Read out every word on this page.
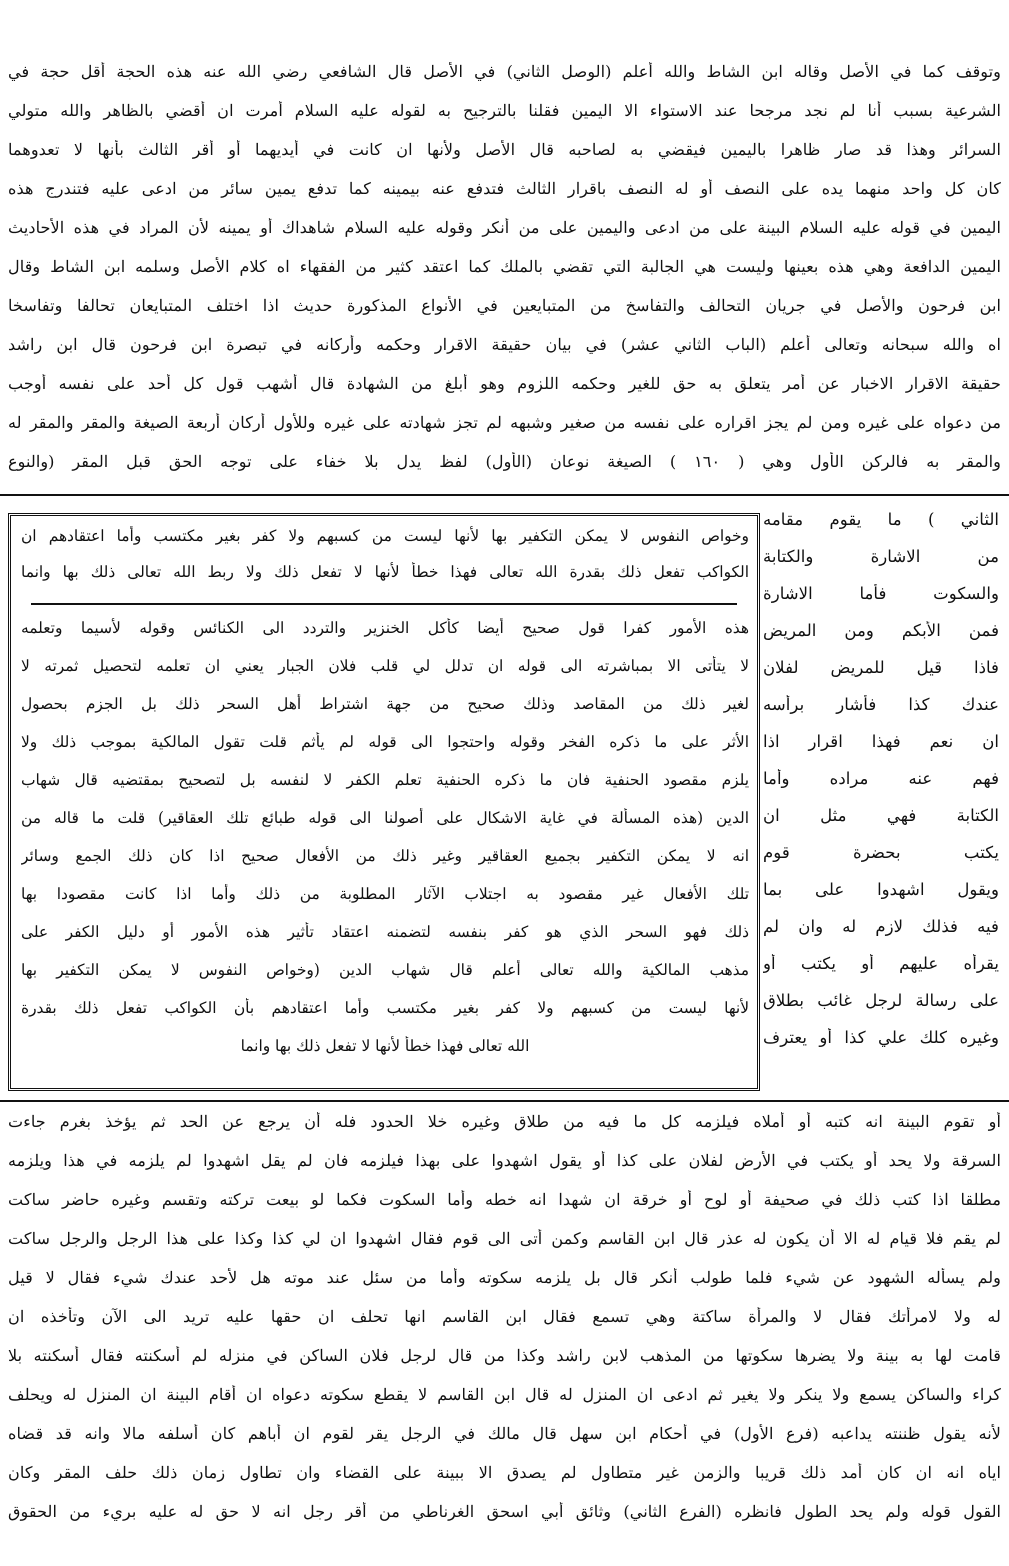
وتوقف كما في الأصل وقاله ابن الشاط والله أعلم (الوصل الثاني) في الأصل قال الشافعي رضي الله عنه هذه الحجة أقل حجة في
الشرعية بسبب أنا لم نجد مرجحا عند الاستواء الا اليمين فقلنا بالترجيح به لقوله عليه السلام أمرت ان أقضي بالظاهر والله متولي
السرائر وهذا قد صار ظاهرا باليمين فيقضي به لصاحبه قال الأصل ولأنها ان كانت في أيديهما أو أقر الثالث بأنها لا تعدوهما
كان كل واحد منهما يده على النصف أو له النصف باقرار الثالث فتدفع عنه بيمينه كما تدفع يمين سائر من ادعى عليه فتندرج هذه
اليمين في قوله عليه السلام البينة على من ادعى واليمين على من أنكر وقوله عليه السلام شاهداك أو يمينه لأن المراد في هذه الأحاديث
اليمين الدافعة وهي هذه بعينها وليست هي الجالبة التي تقضي بالملك كما اعتقد كثير من الفقهاء اه كلام الأصل وسلمه ابن الشاط وقال
ابن فرحون والأصل في جريان التحالف والتفاسخ من المتبايعين في الأنواع المذكورة حديث اذا اختلف المتبايعان تحالفا وتفاسخا
اه والله سبحانه وتعالى أعلم (الباب الثاني عشر) في بيان حقيقة الاقرار وحكمه وأركانه في تبصرة ابن فرحون قال ابن راشد
حقيقة الاقرار الاخبار عن أمر يتعلق به حق للغير وحكمه اللزوم وهو أبلغ من الشهادة قال أشهب قول كل أحد على نفسه أوجب
من دعواه على غيره ومن لم يجز اقراره على نفسه من صغير وشبهه لم تجز شهادته على غيره وللأول أركان أربعة الصيغة والمقر والمقر له
والمقر به فالركن الأول وهي ( ١٦٠ ) الصيغة نوعان (الأول) لفظ يدل بلا خفاء على توجه الحق قبل المقر (والنوع
الثاني ) ما يقوم مقامه
من الاشارة والكتابة
والسكوت فأما الاشارة
فمن الأبكم ومن المريض
فاذا قيل للمريض لفلان
عندك كذا فأشار برأسه
ان نعم فهذا اقرار اذا
فهم عنه مراده وأما
الكتابة فهي مثل ان
يكتب بحضرة قوم
ويقول اشهدوا على بما
فيه فذلك لازم له وان لم
يقرأه عليهم أو يكتب أو
على رسالة لرجل غائب بطلاق
وغيره كلك علي كذا أو يعترف
وخواص النفوس لا يمكن التكفير بها لأنها ليست من كسبهم ولا كفر بغير مكتسب وأما اعتقادهم ان
الكواكب تفعل ذلك بقدرة الله تعالى فهذا خطأ لأنها لا تفعل ذلك ولا ربط الله تعالى ذلك بها وانما
هذه الأمور كفرا قول صحيح أيضا كأكل الخنزير والتردد الى الكنائس وقوله لأسيما وتعلمه
لا يتأتى الا بمباشرته الى قوله ان تدلل لي قلب فلان الجبار يعني ان تعلمه لتحصيل ثمرته لا
لغير ذلك من المقاصد وذلك صحيح من جهة اشتراط أهل السحر ذلك بل الجزم بحصول
الأثر على ما ذكره الفخر وقوله واحتجوا الى قوله لم يأثم قلت تقول المالكية بموجب ذلك ولا
يلزم مقصود الحنفية فان ما ذكره الحنفية تعلم الكفر لا لنفسه بل لتصحيح بمقتضيه قال شهاب
الدين (هذه المسألة في غاية الاشكال على أصولنا الى قوله طبائع تلك العقاقير) قلت ما قاله من
انه لا يمكن التكفير بجميع العقاقير وغير ذلك من الأفعال صحيح اذا كان ذلك الجمع وسائر
تلك الأفعال غير مقصود به اجتلاب الآثار المطلوبة من ذلك وأما اذا كانت مقصودا بها
ذلك فهو السحر الذي هو كفر بنفسه لتضمنه اعتقاد تأثير هذه الأمور أو دليل الكفر على
مذهب المالكية والله تعالى أعلم قال شهاب الدين (وخواص النفوس لا يمكن التكفير بها
لأنها ليست من كسبهم ولا كفر بغير مكتسب وأما اعتقادهم بأن الكواكب تفعل ذلك بقدرة
الله تعالى فهذا خطأ لأنها لا تفعل ذلك بها وانما
أو تقوم البينة انه كتبه أو أملاه فيلزمه كل ما فيه من طلاق وغيره خلا الحدود فله أن يرجع عن الحد ثم يؤخذ بغرم جاءت
السرقة ولا يحد أو يكتب في الأرض لفلان على كذا أو يقول اشهدوا على بهذا فيلزمه فان لم يقل اشهدوا لم يلزمه في هذا ويلزمه
مطلقا اذا كتب ذلك في صحيفة أو لوح أو خرقة ان شهدا انه خطه وأما السكوت فكما لو بيعت تركته وتقسم وغيره حاضر ساكت
لم يقم فلا قيام له الا أن يكون له عذر قال ابن القاسم وكمن أتى الى قوم فقال اشهدوا ان لي كذا وكذا على هذا الرجل والرجل ساكت
ولم يسأله الشهود عن شيء فلما طولب أنكر قال بل يلزمه سكوته وأما من سئل عند موته هل لأحد عندك شيء فقال لا قيل
له ولا لامرأتك فقال لا والمرأة ساكتة وهي تسمع فقال ابن القاسم انها تحلف ان حقها عليه تريد الى الآن وتأخذه ان
قامت لها به بينة ولا يضرها سكوتها من المذهب لابن راشد وكذا من قال لرجل فلان الساكن في منزله لم أسكنته فقال أسكنته بلا
كراء والساكن يسمع ولا ينكر ولا يغير ثم ادعى ان المنزل له قال ابن القاسم لا يقطع سكوته دعواه ان أقام البينة ان المنزل له ويحلف
لأنه يقول ظننته يداعبه (فرع الأول) في أحكام ابن سهل قال مالك في الرجل يقر لقوم ان أباهم كان أسلفه مالا وانه قد قضاه
اياه انه ان كان أمد ذلك قريبا والزمن غير متطاول لم يصدق الا ببينة على القضاء وان تطاول زمان ذلك حلف المقر وكان
القول قوله ولم يحد الطول فانظره (الفرع الثاني) وثائق أبي اسحق الغرناطي من أقر رجل انه لا حق له عليه بريء من الحقوق
